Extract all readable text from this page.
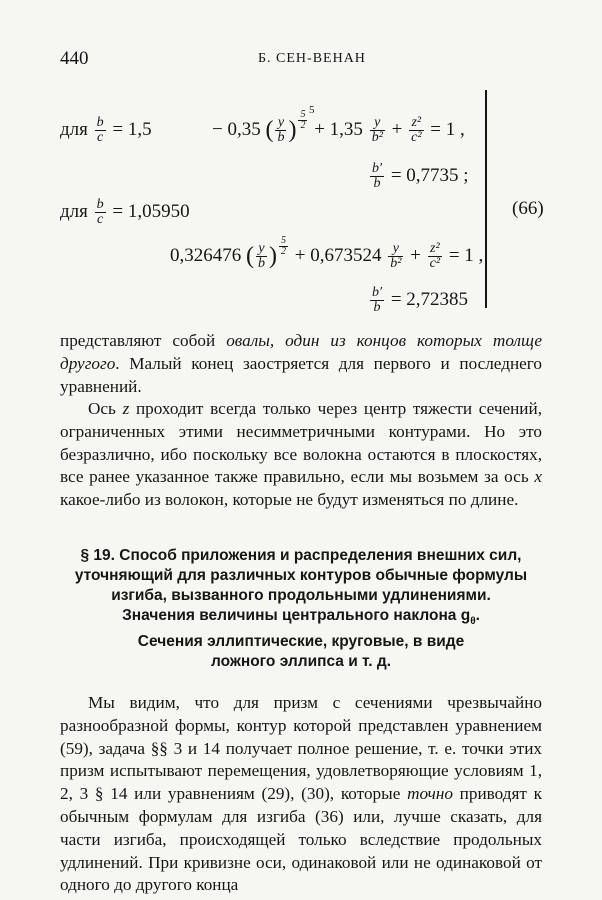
440	Б. СЕН-ВЕНАН
для $\frac{b}{c} = 1,5$
5
− 0,35 ( $\frac{y}{b}$ ) $^{\frac{5}{2}} + 1,35 \frac{y}{\text{b²}} + \frac{\text{z²}}{\text{c²}} = 1$ ,
$\frac{b'}{b} = 0,7735$ ;
для $\frac{b}{c} = 1,05950$	(66)
0,326476 ( $\frac{y}{b}$ ) $^{\frac{5}{2}} + 0,673524 \frac{y}{\text{b²}} + \frac{\text{z²}}{\text{c²}} = 1$ ,
$\frac{b'}{b} = 2,72385$

представляют собой овалы, один из концов которых толще другого. Малый конец заостряется для первого и последнего уравнений.

Ось z проходит всегда только через центр тяжести сечений, ограниченных этими несимметричными контурами. Но это безразлично, ибо поскольку все волокна остаются в плоскостях, все ранее указанное также правильно, если мы возьмем за ось x какое-либо из волокон, которые не будут изменяться по длине.

§ 19. Способ приложения и распределения внешних сил,
уточняющий для различных контуров обычные формулы
изгиба, вызванного продольными удлинениями.
Значения величины центрального наклона $g_\theta$.
Сечения эллиптические, круговые, в виде
ложного эллипса и т. д.

Мы видим, что для призм с сечениями чрезвычайно разнообразной формы, контур которой представлен уравнением (59), задача §§ 3 и 14 получает полное решение, т. е. точки этих призм испытывают перемещения, удовлетворяющие условиям 1, 2, 3 § 14 или уравнениям (29), (30), которые точно приводят к обычным формулам для изгиба (36) или, лучше сказать, для части изгиба, происходящей только вследствие продольных удлинений. При кривизне оси, одинаковой или не одинаковой от одного до другого конца
